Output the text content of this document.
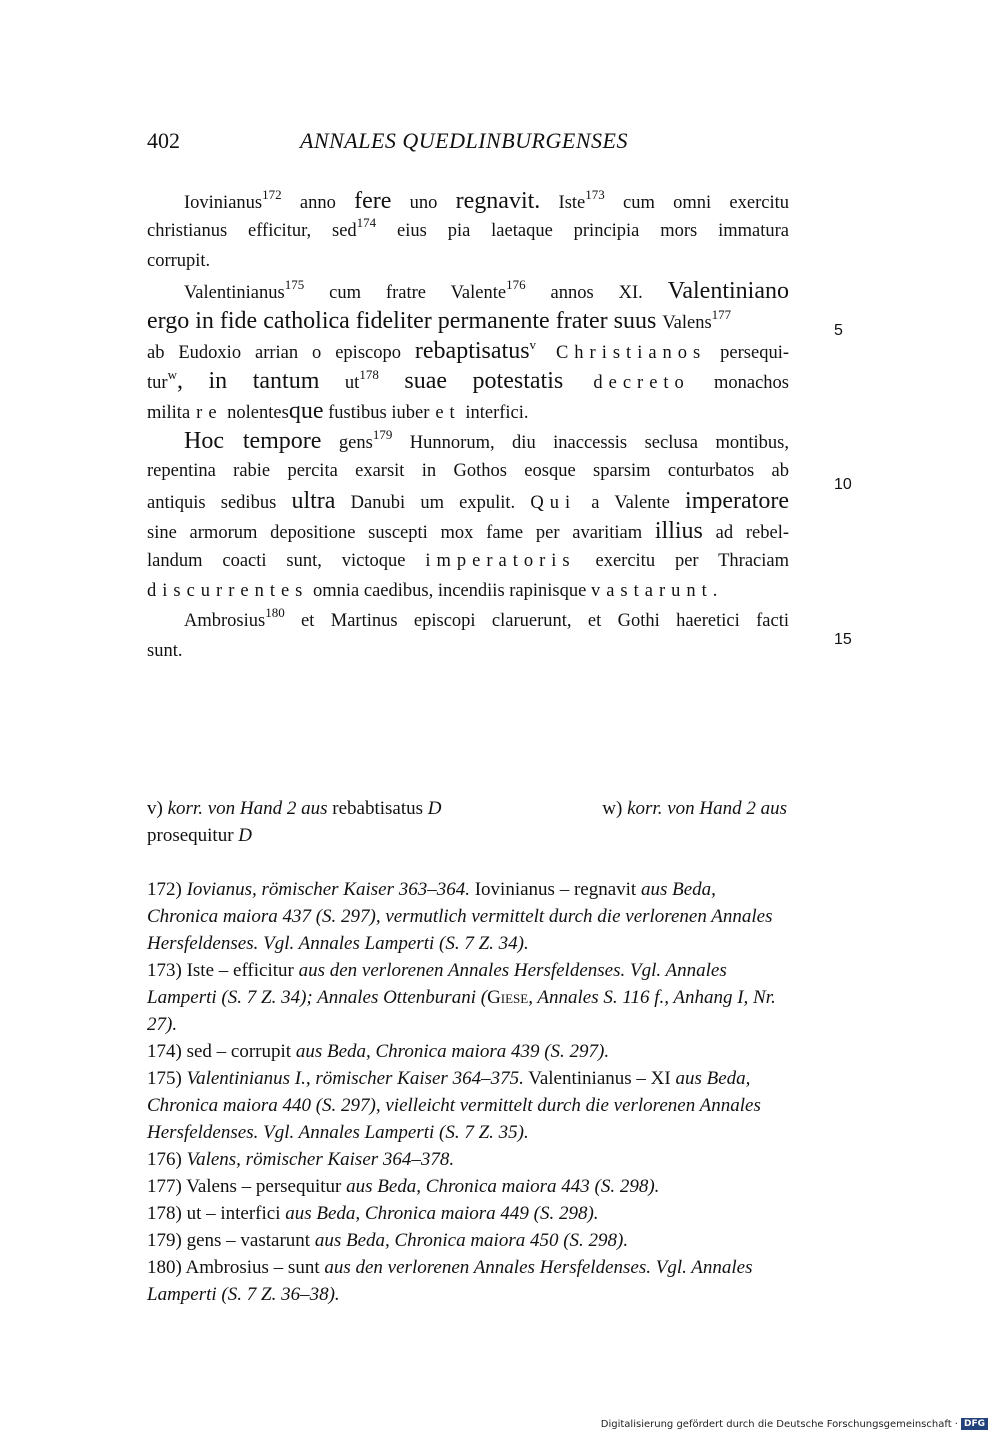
402	ANNALES QUEDLINBURGENSES
5
10
15
Iovinianus$^{172}$ anno fere uno regnavit. Iste$^{173}$ cum omni exercitu
christianus efficitur, sed$^{174}$ eius pia laetaque principia mors immatura
corrupit.
Valentinianus$^{175}$ cum fratre Valente$^{176}$ annos XI. Valentiniano
ergo in fide catholica fideliter permanente frater suus Valens$^{177}$
ab Eudoxio arrian o episcopo rebaptisatus$^v$ Christianos persequi-
tur$^w$, in tantum $ut^{178}$ suae potestatis decreto monachos
militare nolentesque fustibus iuberet interfici.
Hoc tempore gens$^{179}$ Hunnorum, diu inaccessis seclusa montibus,
repentina rabie percita exarsit in Gothos eosque sparsim conturbatos ab
antiquis sedibus ultra Danubi um expulit. Qui a Valente imperatore
sine armorum depositione suscepti mox fame per avaritiam illius ad rebel-
landum coacti sunt, victoque imperatoris exercitu per Thraciam
discurrentes omnia caedibus, incendiis rapinisque vastarunt.
Ambrosius$^{180}$ et Martinus episcopi claruerunt, et Gothi haeretici facti
sunt.
v) korr. von Hand 2 aus rebabtisatus D	w) korr. von Hand 2 aus
prosequitur D
172) Iovianus, römischer Kaiser 363–364. Iovinianus – regnavit aus Beda, Chronica maiora 437 (S. 297), vermutlich vermittelt durch die verlorenen Annales Hersfeldenses. Vgl. Annales Lamperti (S. 7 Z. 34).
173) Iste – efficitur aus den verlorenen Annales Hersfeldenses. Vgl. Annales Lamperti (S. 7 Z. 34); Annales Ottenburani (Giese, Annales S. 116 f., Anhang I, Nr. 27).
174) sed – corrupit aus Beda, Chronica maiora 439 (S. 297).
175) Valentinianus I., römischer Kaiser 364–375. Valentinianus – XI aus Beda, Chronica maiora 440 (S. 297), vielleicht vermittelt durch die verlorenen Annales Hersfeldenses. Vgl. Annales Lamperti (S. 7 Z. 35).
176) Valens, römischer Kaiser 364–378.
177) Valens – persequitur aus Beda, Chronica maiora 443 (S. 298).
178) ut – interfici aus Beda, Chronica maiora 449 (S. 298).
179) gens – vastarunt aus Beda, Chronica maiora 450 (S. 298).
180) Ambrosius – sunt aus den verlorenen Annales Hersfeldenses. Vgl. Annales Lamperti (S. 7 Z. 36–38).
Digitalisierung gefördert durch die Deutsche Forschungsgemeinschaft · DFG
